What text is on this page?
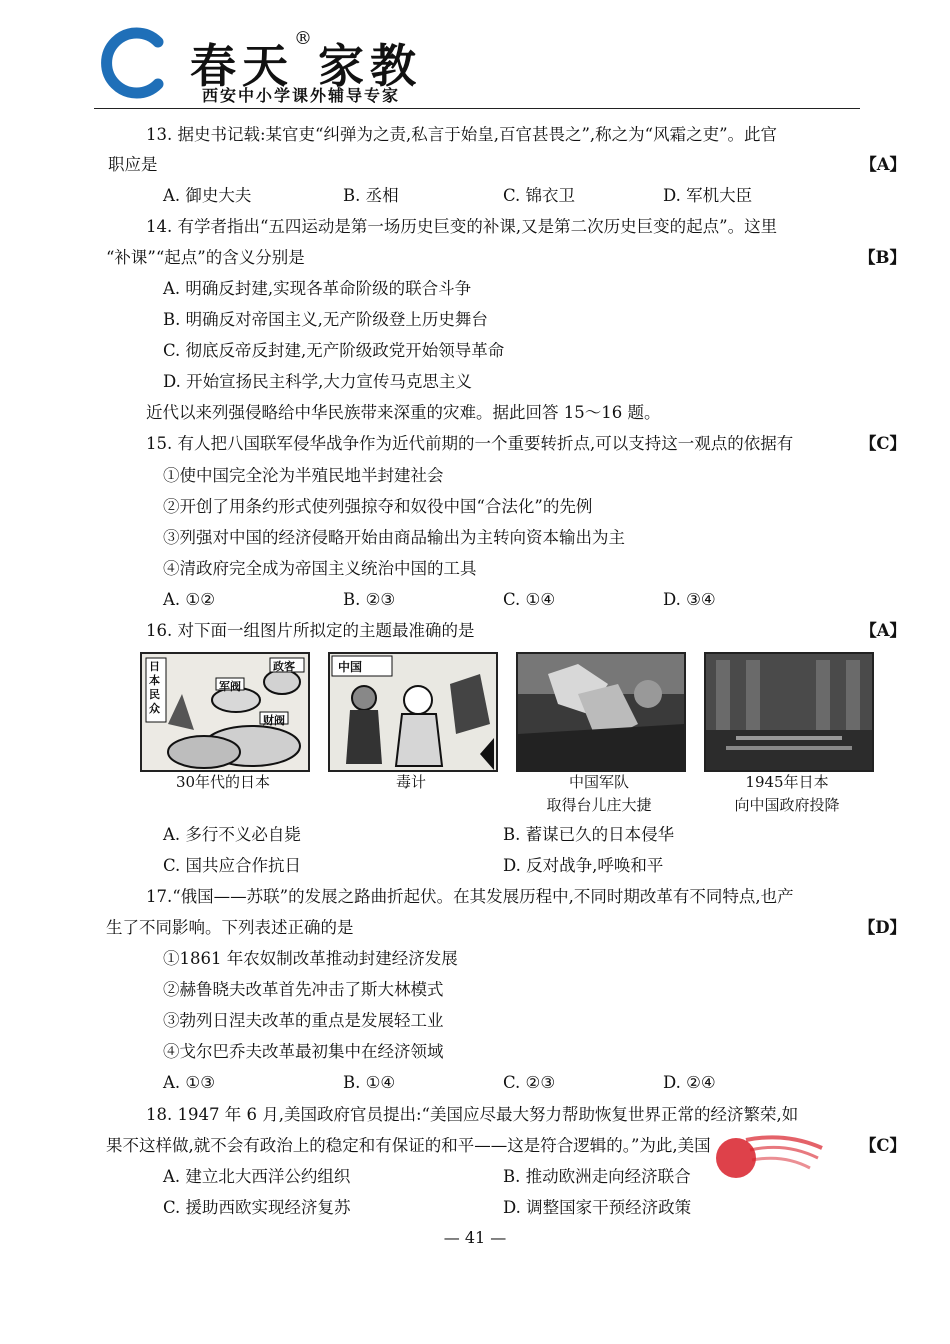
春天®家教
西安中小学课外辅导专家
13. 据史书记载:某官吏“纠弹为之责,私言于始皇,百官甚畏之”,称之为“风霜之吏”。此官
职应是	【A】
A. 御史大夫	B. 丞相	C. 锦衣卫	D. 军机大臣
14. 有学者指出“五四运动是第一场历史巨变的补课,又是第二次历史巨变的起点”。这里
“补课”“起点”的含义分别是	【B】
A. 明确反封建,实现各革命阶级的联合斗争
B. 明确反对帝国主义,无产阶级登上历史舞台
C. 彻底反帝反封建,无产阶级政党开始领导革命
D. 开始宣扬民主科学,大力宣传马克思主义
近代以来列强侵略给中华民族带来深重的灾难。据此回答 15～16 题。
15. 有人把八国联军侵华战争作为近代前期的一个重要转折点,可以支持这一观点的依据有	【C】
①使中国完全沦为半殖民地半封建社会
②开创了用条约形式使列强掠夺和奴役中国“合法化”的先例
③列强对中国的经济侵略开始由商品输出为主转向资本输出为主
④清政府完全成为帝国主义统治中国的工具
A. ①②	B. ②③	C. ①④	D. ③④
16. 对下面一组图片所拟定的主题最准确的是	【A】
日本民众
政客
军阀
财阀
中国
30年代的日本	毒计	中国军队
取得台儿庄大捷
1945年日本
向中国政府投降
A. 多行不义必自毙	B. 蓄谋已久的日本侵华
C. 国共应合作抗日	D. 反对战争,呼唤和平
17.“俄国——苏联”的发展之路曲折起伏。在其发展历程中,不同时期改革有不同特点,也产
生了不同影响。下列表述正确的是	【D】
①1861 年农奴制改革推动封建经济发展
②赫鲁晓夫改革首先冲击了斯大林模式
③勃列日涅夫改革的重点是发展轻工业
④戈尔巴乔夫改革最初集中在经济领域
A. ①③	B. ①④	C. ②③	D. ②④
18. 1947 年 6 月,美国政府官员提出:“美国应尽最大努力帮助恢复世界正常的经济繁荣,如
果不这样做,就不会有政治上的稳定和有保证的和平——这是符合逻辑的。”为此,美国	【C】
A. 建立北大西洋公约组织	B. 推动欧洲走向经济联合
C. 援助西欧实现经济复苏	D. 调整国家干预经济政策
— 41 —
